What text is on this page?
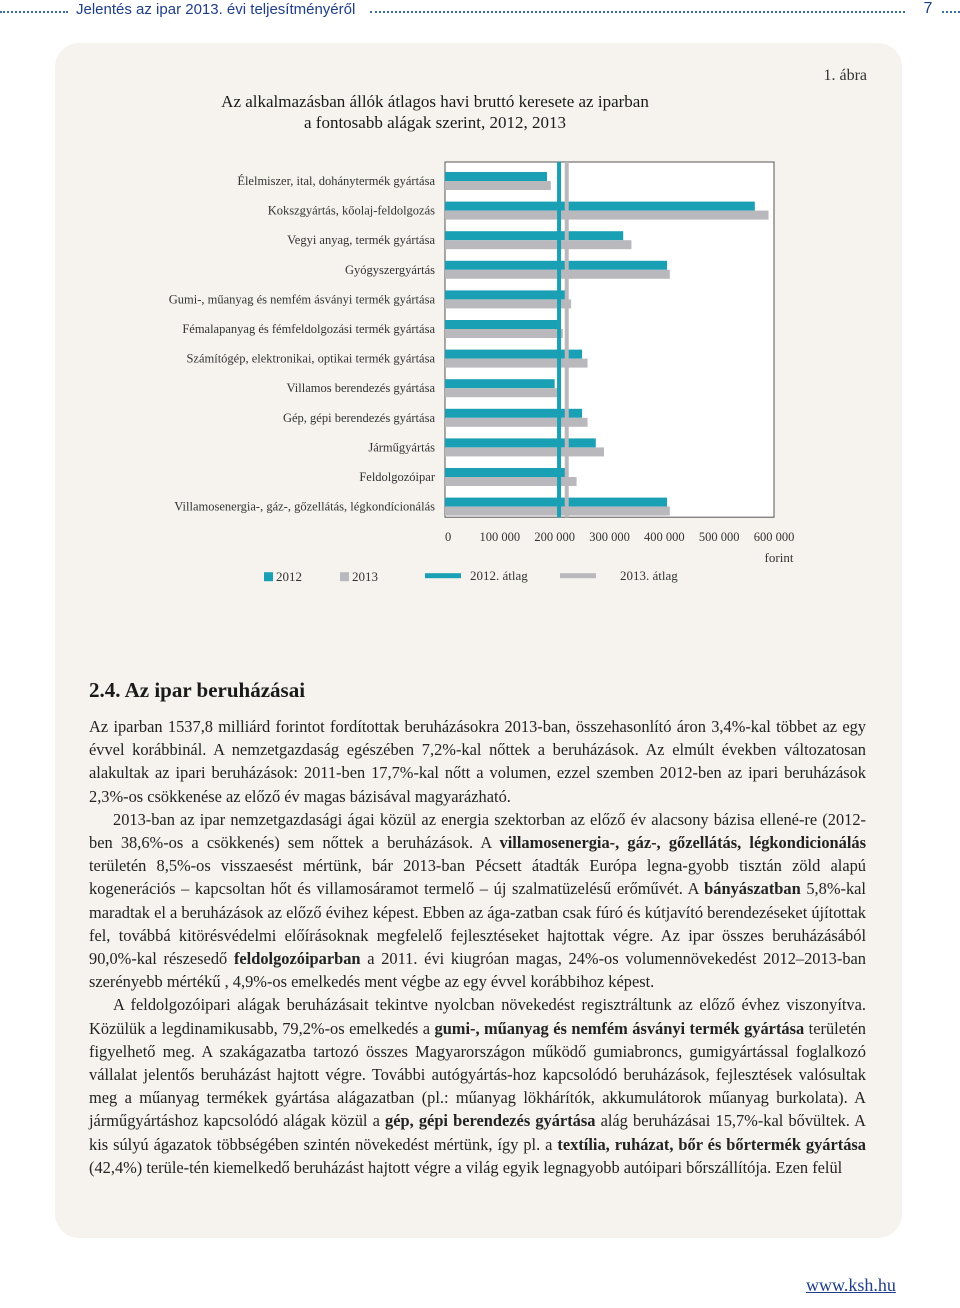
Jelentés az ipar 2013. évi teljesítményéről	7
1. ábra
Az alkalmazásban állók átlagos havi bruttó keresete az iparban
a fontosabb alágak szerint, 2012, 2013
Élelmiszer, ital, dohánytermék gyártása
Kokszgyártás, kőolaj-feldolgozás
Vegyi anyag, termék gyártása
Gyógyszergyártás
Gumi-, műanyag és nemfém ásványi termék gyártása
Fémalapanyag és fémfeldolgozási termék gyártása
Számítógép, elektronikai, optikai termék gyártása
Villamos berendezés gyártása
Gép, gépi berendezés gyártása
Járműgyártás
Feldolgozóipar
Villamosenergia-, gáz-, gőzellátás, légkondícionálás
0 100 000 200 000 300 000 400 000 500 000 600 000
forint
2012	2013	2012. átlag	2013. átlag
2.4. Az ipar beruházásai

Az iparban 1537,8 milliárd forintot fordítottak beruházásokra 2013-ban, összehasonlító áron 3,4%-kal többet az egy évvel korábbinál. A nemzetgazdaság egészében 7,2%-kal nőttek a beruházások. Az elmúlt években változatosan alakultak az ipari beruházások: 2011-ben 17,7%-kal nőtt a volumen, ezzel szemben 2012-ben az ipari beruházások 2,3%-os csökkenése az előző év magas bázisával magyarázható.

2013-ban az ipar nemzetgazdasági ágai közül az energia szektorban az előző év alacsony bázisa ellené-re (2012-ben 38,6%-os a csökkenés) sem nőttek a beruházások. A villamosenergia-, gáz-, gőzellátás, légkondicionálás területén 8,5%-os visszaesést mértünk, bár 2013-ban Pécsett átadták Európa legna-gyobb tisztán zöld alapú kogenerációs – kapcsoltan hőt és villamosáramot termelő – új szalmatüzelésű erőművét. A bányászatban 5,8%-kal maradtak el a beruházások az előző évihez képest. Ebben az ága-zatban csak fúró és kútjavító berendezéseket újítottak fel, továbbá kitörésvédelmi előírásoknak megfelelő fejlesztéseket hajtottak végre. Az ipar összes beruházásából 90,0%-kal részesedő feldolgozóiparban a 2011. évi kiugróan magas, 24%-os volumennövekedést 2012–2013-ban szerényebb mértékű , 4,9%-os emelkedés ment végbe az egy évvel korábbihoz képest.

A feldolgozóipari alágak beruházásait tekintve nyolcban növekedést regisztráltunk az előző évhez viszonyítva. Közülük a legdinamikusabb, 79,2%-os emelkedés a gumi-, műanyag és nemfém ásványi termék gyártása területén figyelhető meg. A szakágazatba tartozó összes Magyarországon működő gumiabroncs, gumigyártással foglalkozó vállalat jelentős beruházást hajtott végre. További autógyártás-hoz kapcsolódó beruházások, fejlesztések valósultak meg a műanyag termékek gyártása alágazatban (pl.: műanyag lökhárítók, akkumulátorok műanyag burkolata). A járműgyártáshoz kapcsolódó alágak közül a gép, gépi berendezés gyártása alág beruházásai 15,7%-kal bővültek. A kis súlyú ágazatok többségében szintén növekedést mértünk, így pl. a textília, ruházat, bőr és bőrtermék gyártása (42,4%) terüle-tén kiemelkedő beruházást hajtott végre a világ egyik legnagyobb autóipari bőrszállítója. Ezen felül

www.ksh.hu
